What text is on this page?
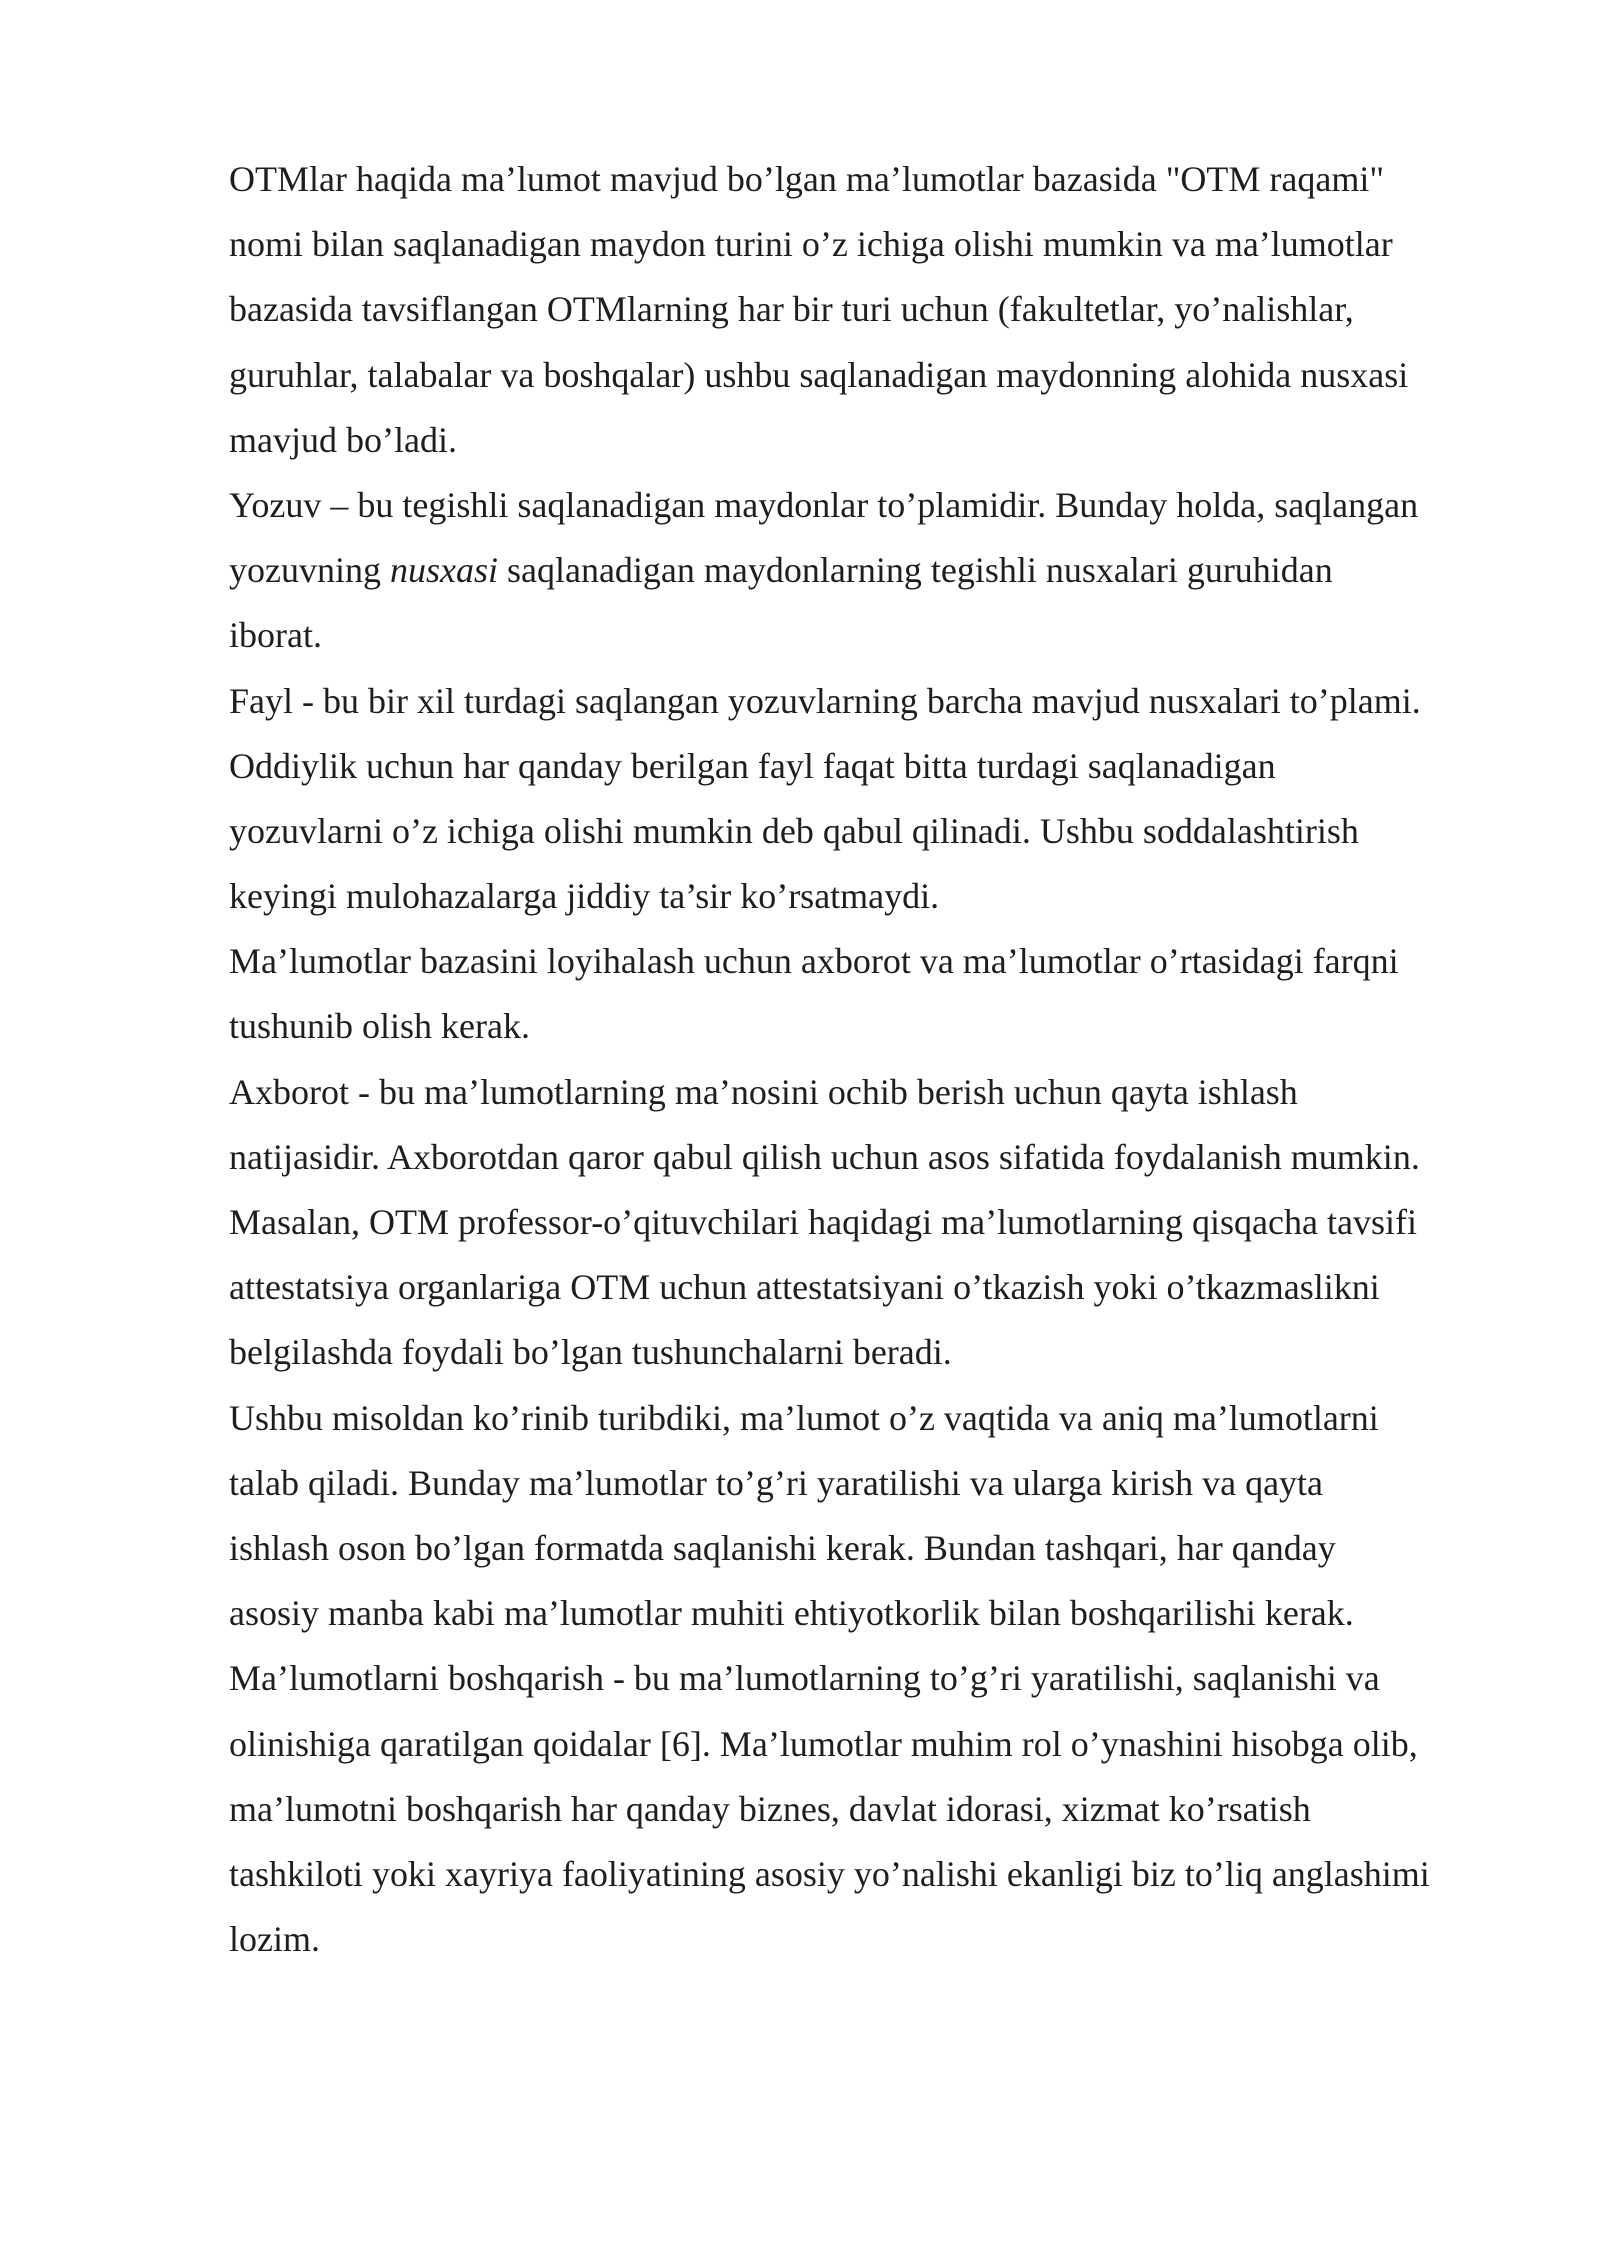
OTMlar haqida ma’lumot mavjud bo’lgan ma’lumotlar bazasida "OTM raqami"
nomi bilan saqlanadigan maydon turini o’z ichiga olishi mumkin va ma’lumotlar
bazasida tavsiflangan OTMlarning har bir turi uchun (fakultetlar, yo’nalishlar,
guruhlar, talabalar va boshqalar) ushbu saqlanadigan maydonning alohida nusxasi
mavjud bo’ladi.

Yozuv – bu tegishli saqlanadigan maydonlar to’plamidir. Bunday holda, saqlangan
yozuvning nusxasi saqlanadigan maydonlarning tegishli nusxalari guruhidan
iborat.

Fayl - bu bir xil turdagi saqlangan yozuvlarning barcha mavjud nusxalari to’plami.
Oddiylik uchun har qanday berilgan fayl faqat bitta turdagi saqlanadigan
yozuvlarni o’z ichiga olishi mumkin deb qabul qilinadi. Ushbu soddalashtirish
keyingi mulohazalarga jiddiy ta’sir ko’rsatmaydi.

Ma’lumotlar bazasini loyihalash uchun axborot va ma’lumotlar o’rtasidagi farqni
tushunib olish kerak.

Axborot - bu ma’lumotlarning ma’nosini ochib berish uchun qayta ishlash
natijasidir. Axborotdan qaror qabul qilish uchun asos sifatida foydalanish mumkin.
Masalan, OTM professor-o’qituvchilari haqidagi ma’lumotlarning qisqacha tavsifi
attestatsiya organlariga OTM uchun attestatsiyani o’tkazish yoki o’tkazmaslikni
belgilashda foydali bo’lgan tushunchalarni beradi.

Ushbu misoldan ko’rinib turibdiki, ma’lumot o’z vaqtida va aniq ma’lumotlarni
talab qiladi. Bunday ma’lumotlar to’g’ri yaratilishi va ularga kirish va qayta
ishlash oson bo’lgan formatda saqlanishi kerak. Bundan tashqari, har qanday
asosiy manba kabi ma’lumotlar muhiti ehtiyotkorlik bilan boshqarilishi kerak.

Ma’lumotlarni boshqarish - bu ma’lumotlarning to’g’ri yaratilishi, saqlanishi va
olinishiga qaratilgan qoidalar [6]. Ma’lumotlar muhim rol o’ynashini hisobga olib,
ma’lumotni boshqarish har qanday biznes, davlat idorasi, xizmat ko’rsatish
tashkiloti yoki xayriya faoliyatining asosiy yo’nalishi ekanligi biz to’liq anglashimi
lozim.
